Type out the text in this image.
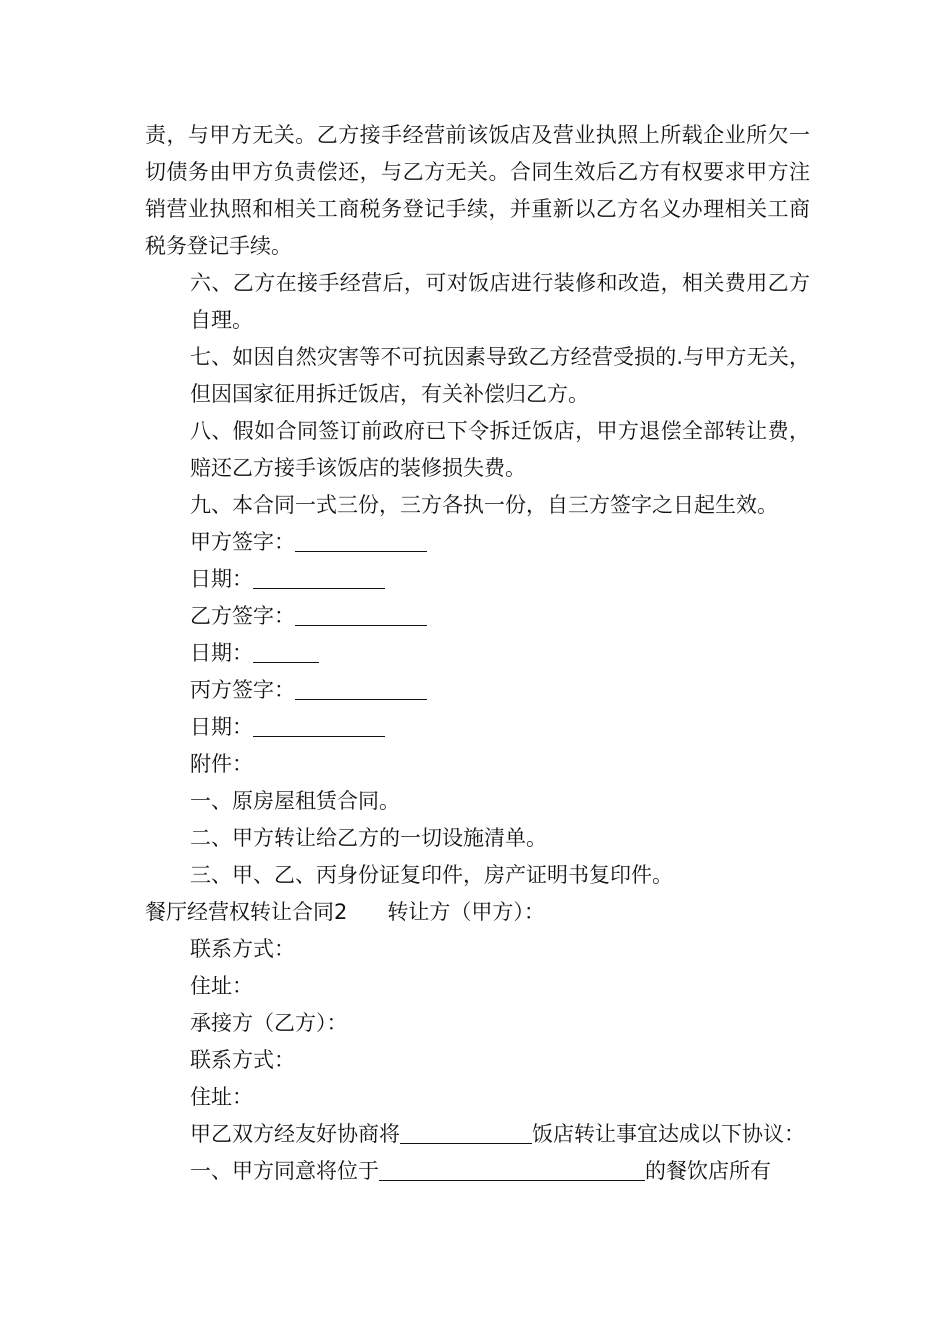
责，与甲方无关。乙方接手经营前该饭店及营业执照上所载企业所欠一切债务由甲方负责偿还，与乙方无关。合同生效后乙方有权要求甲方注销营业执照和相关工商税务登记手续，并重新以乙方名义办理相关工商税务登记手续。

六、乙方在接手经营后，可对饭店进行装修和改造，相关费用乙方自理。

七、如因自然灾害等不可抗因素导致乙方经营受损的.与甲方无关，但因国家征用拆迁饭店，有关补偿归乙方。

八、假如合同签订前政府已下令拆迁饭店，甲方退偿全部转让费，赔还乙方接手该饭店的装修损失费。

九、本合同一式三份，三方各执一份，自三方签字之日起生效。

甲方签字：
日期：
乙方签字：
日期：
丙方签字：
日期：
附件：
一、原房屋租赁合同。
二、甲方转让给乙方的一切设施清单。
三、甲、乙、丙身份证复印件，房产证明书复印件。
餐厅经营权转让合同2 转让方（甲方）：
联系方式：
住址：
承接方（乙方）：
联系方式：
住址：

甲乙双方经友好协商将	饭店转让事宜达成以下协议：

一、甲方同意将位于	的餐饮店所有
